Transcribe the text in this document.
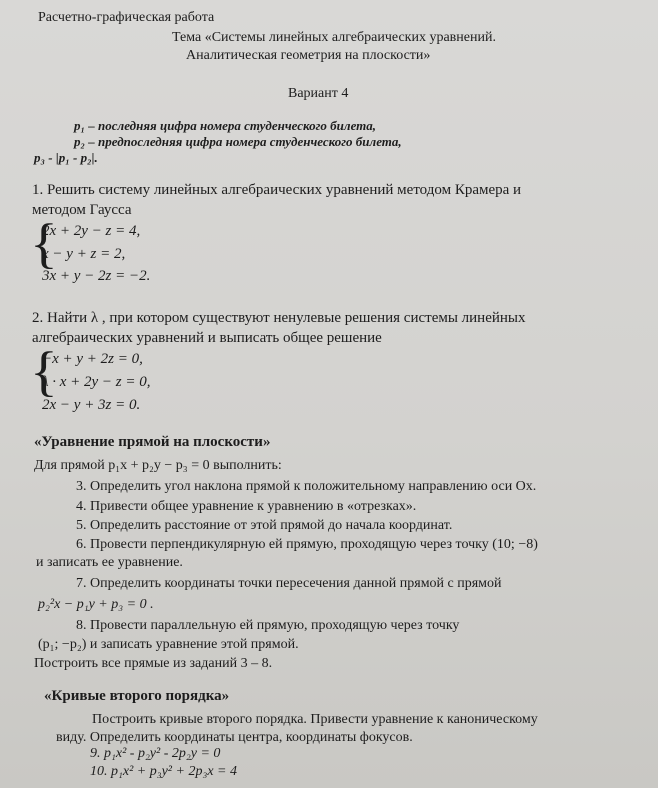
Расчетно-графическая работа
Тема «Системы линейных алгебраических уравнений.
Аналитическая геометрия на плоскости»
Вариант 4
p₁ – последняя цифра номера студенческого билета,
p₂ – предпоследняя цифра номера студенческого билета,
p₃ - |p₁ - p₂|.
1. Решить систему линейных алгебраических уравнений методом Крамера и
методом Гаусса
{
2x + 2y − z = 4,
x − y + z = 2,
3x + y − 2z = −2.
2. Найти λ , при котором существуют ненулевые решения системы линейных
алгебраических уравнений и выписать общее решение
{
−x + y + 2z = 0,
λ · x + 2y − z = 0,
2x − y + 3z = 0.
«Уравнение прямой на плоскости»
Для прямой p₁x + p₂y − p₃ = 0 выполнить:
3. Определить угол наклона прямой к положительному направлению оси Ox.
4. Привести общее уравнение к уравнению в «отрезках».
5. Определить расстояние от этой прямой до начала координат.
6. Провести перпендикулярную ей прямую, проходящую через точку (10; −8)
и записать ее уравнение.
7. Определить координаты точки пересечения данной прямой с прямой
p₂²x − p₁y + p₃ = 0 .
8. Провести параллельную ей прямую, проходящую через точку
(p₁; −p₂) и записать уравнение этой прямой.
Построить все прямые из заданий 3 – 8.
«Кривые второго порядка»
Построить кривые второго порядка. Привести уравнение к каноническому
виду. Определить координаты центра, координаты фокусов.
9. p₁x² - p₂y² - 2p₂y = 0
10. p₁x² + p₃y² + 2p₃x = 4
